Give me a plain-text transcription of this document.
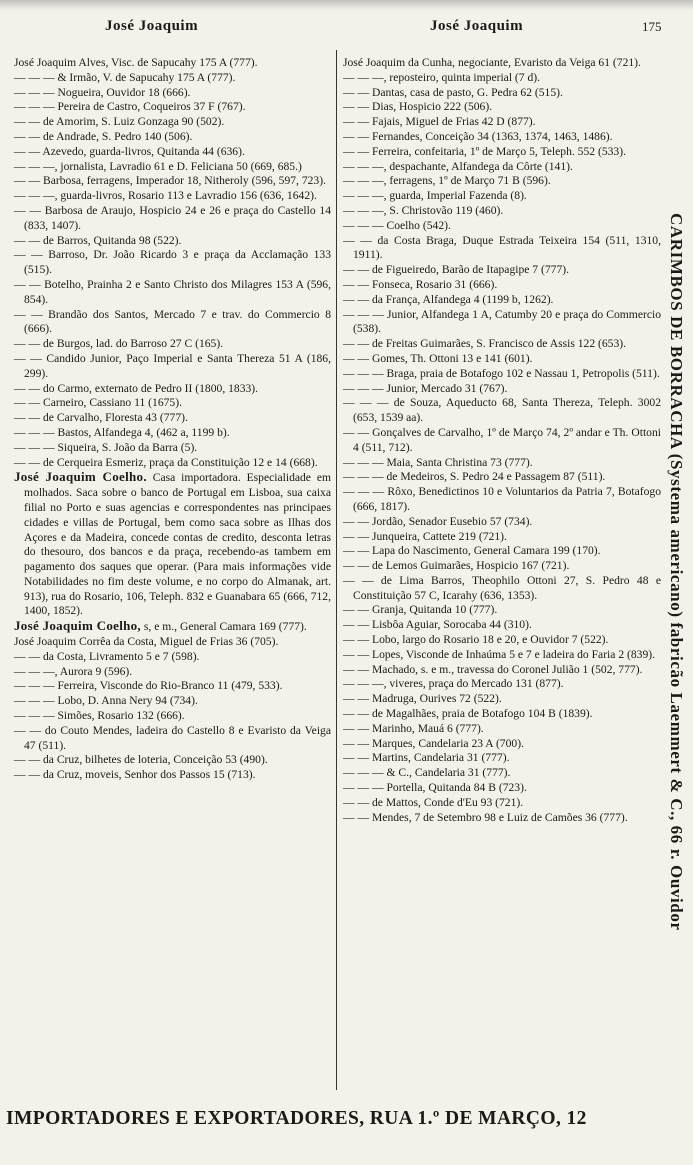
José Joaquim	José Joaquim	175

José Joaquim Alves, Visc. de Sapucahy 175 A (777).

— — — & Irmão, V. de Sapucahy 175 A (777).

— — — Nogueira, Ouvidor 18 (666).

— — — Pereira de Castro, Coqueiros 37 F (767).

— — de Amorim, S. Luiz Gonzaga 90 (502).

— — de Andrade, S. Pedro 140 (506).

— — Azevedo, guarda-livros, Quitanda 44 (636).

— — —, jornalista, Lavradio 61 e D. Feliciana 50 (669, 685.)

— — Barbosa, ferragens, Imperador 18, Nitheroly (596, 597, 723).

— — —, guarda-livros, Rosario 113 e Lavradio 156 (636, 1642).

— — Barbosa de Araujo, Hospicio 24 e 26 e praça do Castello 14 (833, 1407).

— — de Barros, Quitanda 98 (522).

— — Barroso, Dr. João Ricardo 3 e praça da Acclamação 133 (515).

— — Botelho, Prainha 2 e Santo Christo dos Milagres 153 A (596, 854).

— — Brandão dos Santos, Mercado 7 e trav. do Commercio 8 (666).

— — de Burgos, lad. do Barroso 27 C (165).

— — Candido Junior, Paço Imperial e Santa Thereza 51 A (186, 299).

— — do Carmo, externato de Pedro II (1800, 1833).

— — Carneiro, Cassiano 11 (1675).

— — de Carvalho, Floresta 43 (777).

— — — Bastos, Alfandega 4, (462 a, 1199 b).

— — — Siqueira, S. João da Barra (5).

— — de Cerqueira Esmeriz, praça da Constituição 12 e 14 (668).

José Joaquim Coelho. Casa importadora. Especialidade em molhados. Saca sobre o banco de Portugal em Lisboa, sua caixa filial no Porto e suas agencias e correspondentes nas principaes cidades e villas de Portugal, bem como saca sobre as Ilhas dos Açores e da Madeira, concede contas de credito, desconta letras do thesouro, dos bancos e da praça, recebendo-as tambem em pagamento dos saques que operar. (Para mais informações vide Notabilidades no fim deste volume, e no corpo do Almanak, art. 913), rua do Rosario, 106, Teleph. 832 e Guanabara 65 (666, 712, 1400, 1852).

José Joaquim Coelho, s, e m., General Camara 169 (777).

José Joaquim Corrêa da Costa, Miguel de Frias 36 (705).

— — da Costa, Livramento 5 e 7 (598).

— — —, Aurora 9 (596).

— — — Ferreira, Visconde do Rio-Branco 11 (479, 533).

— — — Lobo, D. Anna Nery 94 (734).

— — — Simões, Rosario 132 (666).

— — do Couto Mendes, ladeira do Castello 8 e Evaristo da Veiga 47 (511).

— — da Cruz, bilhetes de loteria, Conceição 53 (490).

— — da Cruz, moveis, Senhor dos Passos 15 (713).

José Joaquim da Cunha, negociante, Evaristo da Veiga 61 (721).

— — —, reposteiro, quinta imperial (7 d).

— — Dantas, casa de pasto, G. Pedra 62 (515).

— — Dias, Hospicio 222 (506).

— — Fajais, Miguel de Frias 42 D (877).

— — Fernandes, Conceição 34 (1363, 1374, 1463, 1486).

— — Ferreira, confeitaria, 1º de Março 5, Teleph. 552 (533).

— — —, despachante, Alfandega da Côrte (141).

— — —, ferragens, 1º de Março 71 B (596).

— — —, guarda, Imperial Fazenda (8).

— — —, S. Christovão 119 (460).

— — — Coelho (542).

— — da Costa Braga, Duque Estrada Teixeira 154 (511, 1310, 1911).

— — de Figueiredo, Barão de Itapagipe 7 (777).

— — Fonseca, Rosario 31 (666).

— — da França, Alfandega 4 (1199 b, 1262).

— — — Junior, Alfandega 1 A, Catumby 20 e praça do Commercio (538).

— — de Freitas Guimarães, S. Francisco de Assis 122 (653).

— — Gomes, Th. Ottoni 13 e 141 (601).

— — — Braga, praia de Botafogo 102 e Nassau 1, Petropolis (511).

— — — Junior, Mercado 31 (767).

— — — de Souza, Aqueducto 68, Santa Thereza, Teleph. 3002 (653, 1539 aa).

— — Gonçalves de Carvalho, 1º de Março 74, 2º andar e Th. Ottoni 4 (511, 712).

— — — Maia, Santa Christina 73 (777).

— — — de Medeiros, S. Pedro 24 e Passagem 87 (511).

— — — Rôxo, Benedictinos 10 e Voluntarios da Patria 7, Botafogo (666, 1817).

— — Jordão, Senador Eusebio 57 (734).

— — Junqueira, Cattete 219 (721).

— — Lapa do Nascimento, General Camara 199 (170).

— — de Lemos Guimarães, Hospicio 167 (721).

— — de Lima Barros, Theophilo Ottoni 27, S. Pedro 48 e Constituição 57 C, Icarahy (636, 1353).

— — Granja, Quitanda 10 (777).

— — Lisbôa Aguiar, Sorocaba 44 (310).

— — Lobo, largo do Rosario 18 e 20, e Ouvidor 7 (522).

— — Lopes, Visconde de Inhaúma 5 e 7 e ladeira do Faria 2 (839).

— — Machado, s. e m., travessa do Coronel Julião 1 (502, 777).

— — —, viveres, praça do Mercado 131 (877).

— — Madruga, Ourives 72 (522).

— — de Magalhães, praia de Botafogo 104 B (1839).

— — Marinho, Mauá 6 (777).

— — Marques, Candelaria 23 A (700).

— — Martins, Candelaria 31 (777).

— — — & C., Candelaria 31 (777).

— — — Portella, Quitanda 84 B (723).

— — de Mattos, Conde d'Eu 93 (721).

— — Mendes, 7 de Setembro 98 e Luiz de Camões 36 (777).	CARIMBOS DE BORRACHA (Systema americano) fabricão Laemmert & C., 66 r. Ouvidor
IMPORTADORES E EXPORTADORES, RUA 1.º DE MARÇO, 12
